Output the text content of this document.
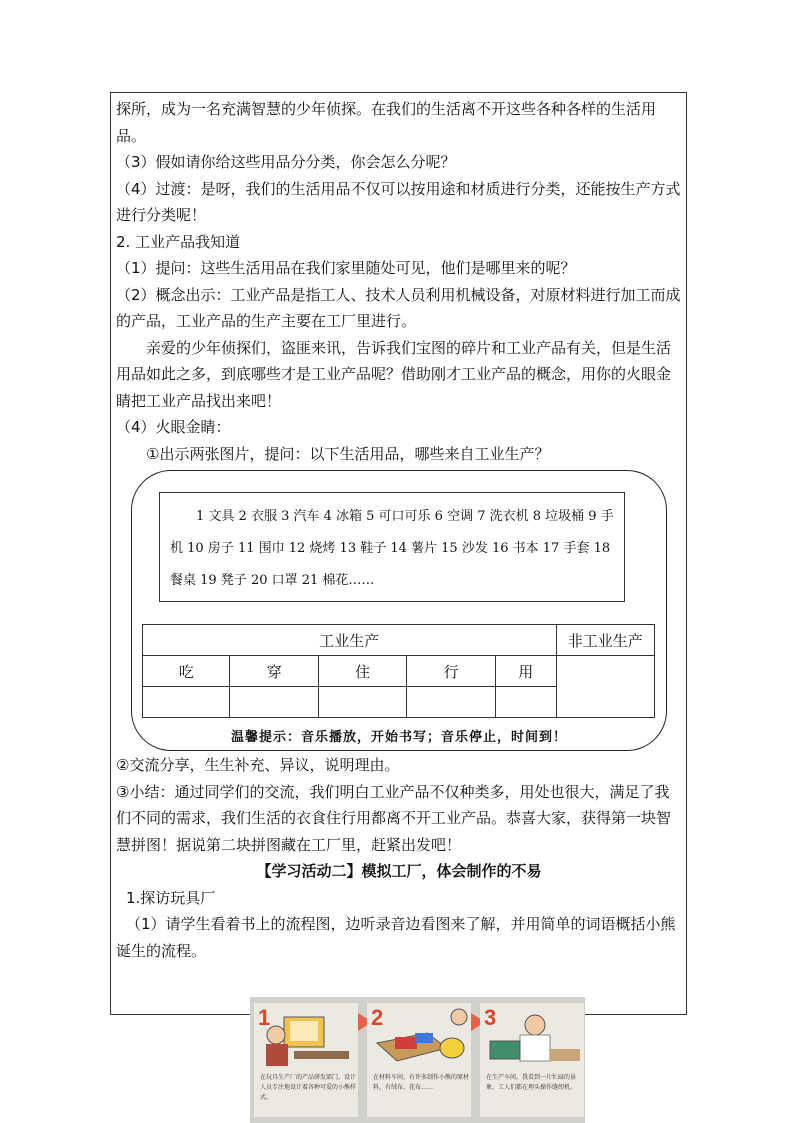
探所，成为一名充满智慧的少年侦探。在我们的生活离不开这些各种各样的生活用品。

（3）假如请你给这些用品分分类，你会怎么分呢？

（4）过渡：是呀，我们的生活用品不仅可以按用途和材质进行分类，还能按生产方式进行分类呢！

2. 工业产品我知道

（1）提问：这些生活用品在我们家里随处可见，他们是哪里来的呢？

（2）概念出示：工业产品是指工人、技术人员利用机械设备，对原材料进行加工而成的产品，工业产品的生产主要在工厂里进行。

亲爱的少年侦探们，盗匪来讯，告诉我们宝图的碎片和工业产品有关，但是生活用品如此之多，到底哪些才是工业产品呢？借助刚才工业产品的概念，用你的火眼金睛把工业产品找出来吧！

（4）火眼金睛：

①出示两张图片，提问：以下生活用品，哪些来自工业生产？

1 文具 2 衣服 3 汽车 4 冰箱 5 可口可乐 6 空调 7 洗衣机 8 垃圾桶 9 手机 10 房子 11 围巾 12 烧烤 13 鞋子 14 薯片 15 沙发 16 书本 17 手套 18 餐桌 19 凳子 20 口罩 21 棉花……
工业生产					非工业生产
吃	穿	住	行	用	

温馨提示：音乐播放，开始书写；音乐停止，时间到！

②交流分享，生生补充、异议，说明理由。

③小结：通过同学们的交流，我们明白工业产品不仅种类多，用处也很大，满足了我们不同的需求，我们生活的衣食住行用都离不开工业产品。恭喜大家，获得第一块智慧拼图！据说第二块拼图藏在工厂里，赶紧出发吧！

【学习活动二】模拟工厂，体会制作的不易

1.探访玩具厂

（1）请学生看着书上的流程图，边听录音边看图来了解，并用简单的词语概括小熊诞生的流程。

1
在玩具生产厂的产品研发部门，设计人员专注地设计着各种可爱的小熊样式。
2
在材料车间，有许多制作小熊的原材料，有绒布、花布……
3
在生产车间，我看到一片忙碌的景象，工人们都在埋头操作缝纫机。
